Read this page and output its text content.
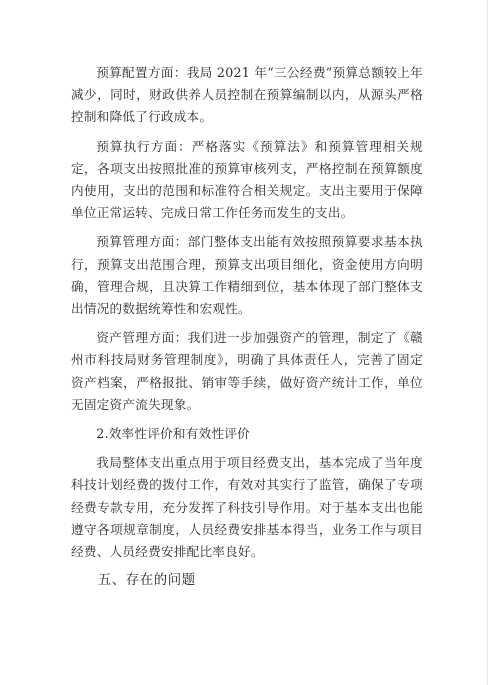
预算配置方面：我局 2021 年“三公经费”预算总额较上年减少，同时，财政供养人员控制在预算编制以内，从源头严格控制和降低了行政成本。

预算执行方面：严格落实《预算法》和预算管理相关规定，各项支出按照批准的预算审核列支，严格控制在预算额度内使用，支出的范围和标准符合相关规定。支出主要用于保障单位正常运转、完成日常工作任务而发生的支出。

预算管理方面：部门整体支出能有效按照预算要求基本执行，预算支出范围合理，预算支出项目细化，资金使用方向明确，管理合规，且决算工作精细到位，基本体现了部门整体支出情况的数据统筹性和宏观性。

资产管理方面：我们进一步加强资产的管理，制定了《赣州市科技局财务管理制度》，明确了具体责任人，完善了固定资产档案，严格报批、销审等手续，做好资产统计工作，单位无固定资产流失现象。

2.效率性评价和有效性评价

我局整体支出重点用于项目经费支出，基本完成了当年度科技计划经费的拨付工作，有效对其实行了监管，确保了专项经费专款专用，充分发挥了科技引导作用。对于基本支出也能遵守各项规章制度，人员经费安排基本得当，业务工作与项目经费、人员经费安排配比率良好。

五、存在的问题
